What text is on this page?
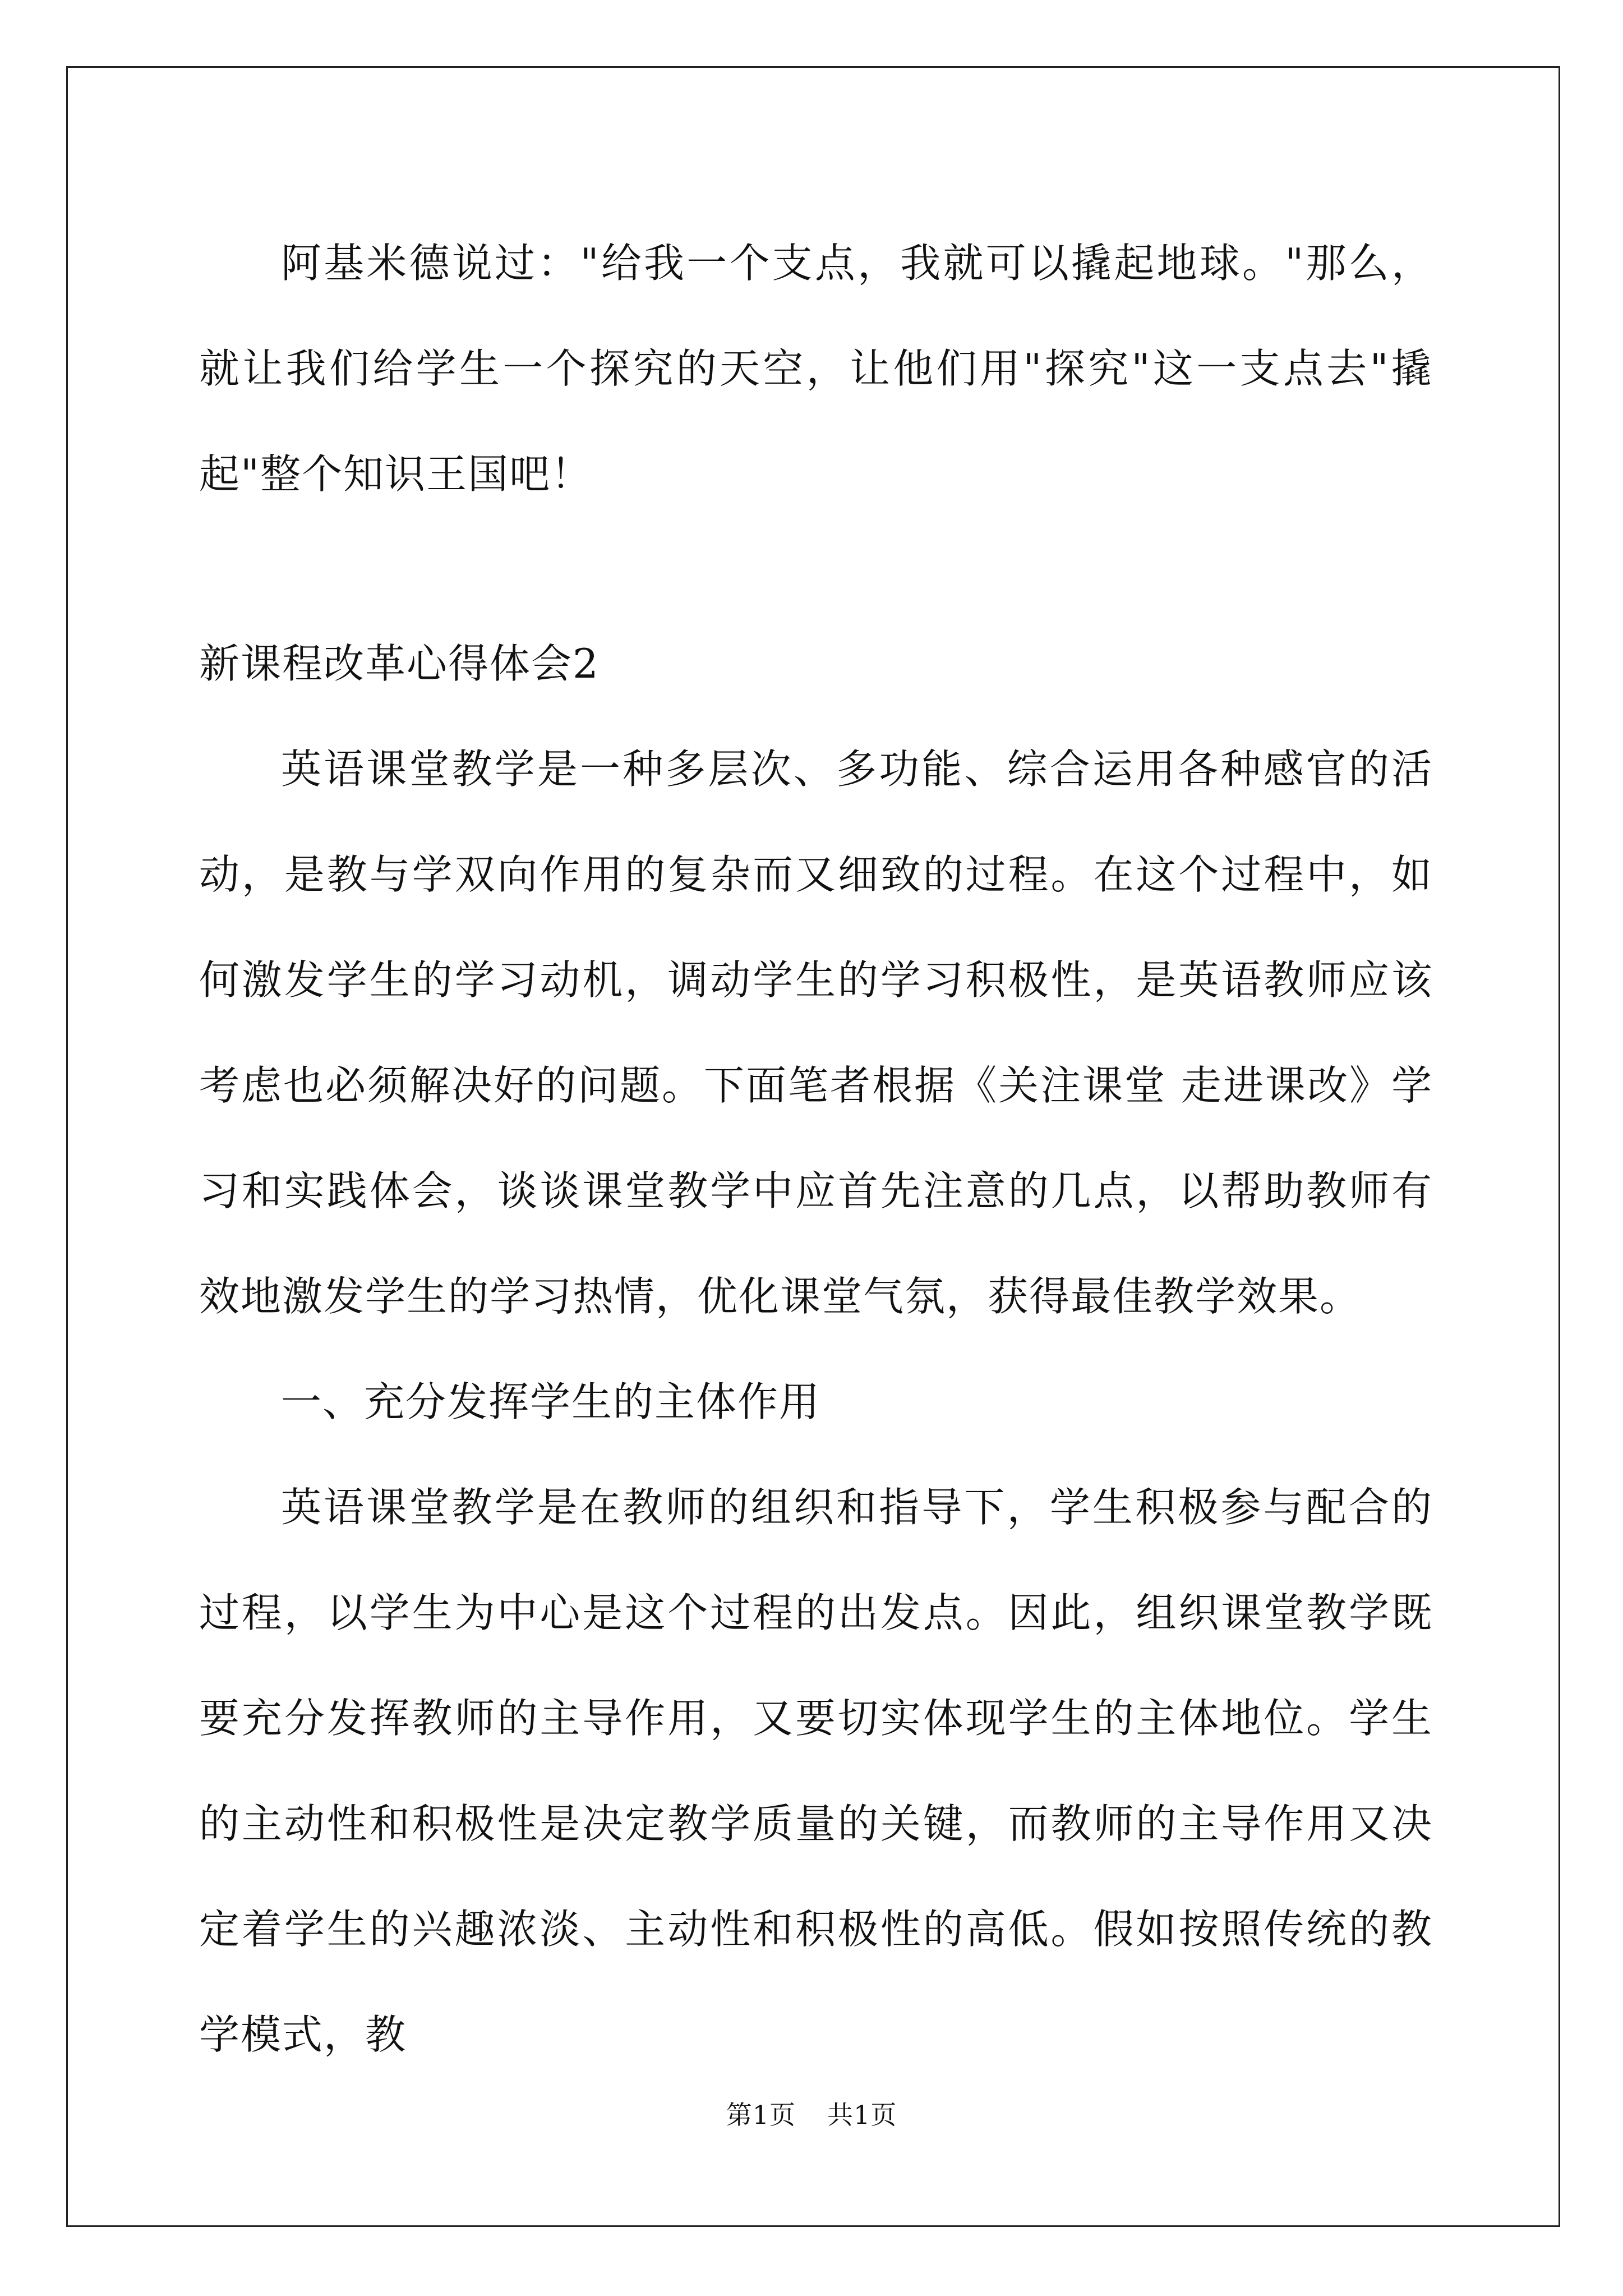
阿基米德说过："给我一个支点，我就可以撬起地球。"那么，就让我们给学生一个探究的天空，让他们用"探究"这一支点去"撬起"整个知识王国吧！

新课程改革心得体会2

英语课堂教学是一种多层次、多功能、综合运用各种感官的活动，是教与学双向作用的复杂而又细致的过程。在这个过程中，如何激发学生的学习动机，调动学生的学习积极性，是英语教师应该考虑也必须解决好的问题。下面笔者根据《关注课堂 走进课改》学习和实践体会，谈谈课堂教学中应首先注意的几点，以帮助教师有效地激发学生的学习热情，优化课堂气氛，获得最佳教学效果。

一、充分发挥学生的主体作用

英语课堂教学是在教师的组织和指导下，学生积极参与配合的过程，以学生为中心是这个过程的出发点。因此，组织课堂教学既要充分发挥教师的主导作用，又要切实体现学生的主体地位。学生的主动性和积极性是决定教学质量的关键，而教师的主导作用又决定着学生的兴趣浓淡、主动性和积极性的高低。假如按照传统的教学模式，教

第1页 共1页
